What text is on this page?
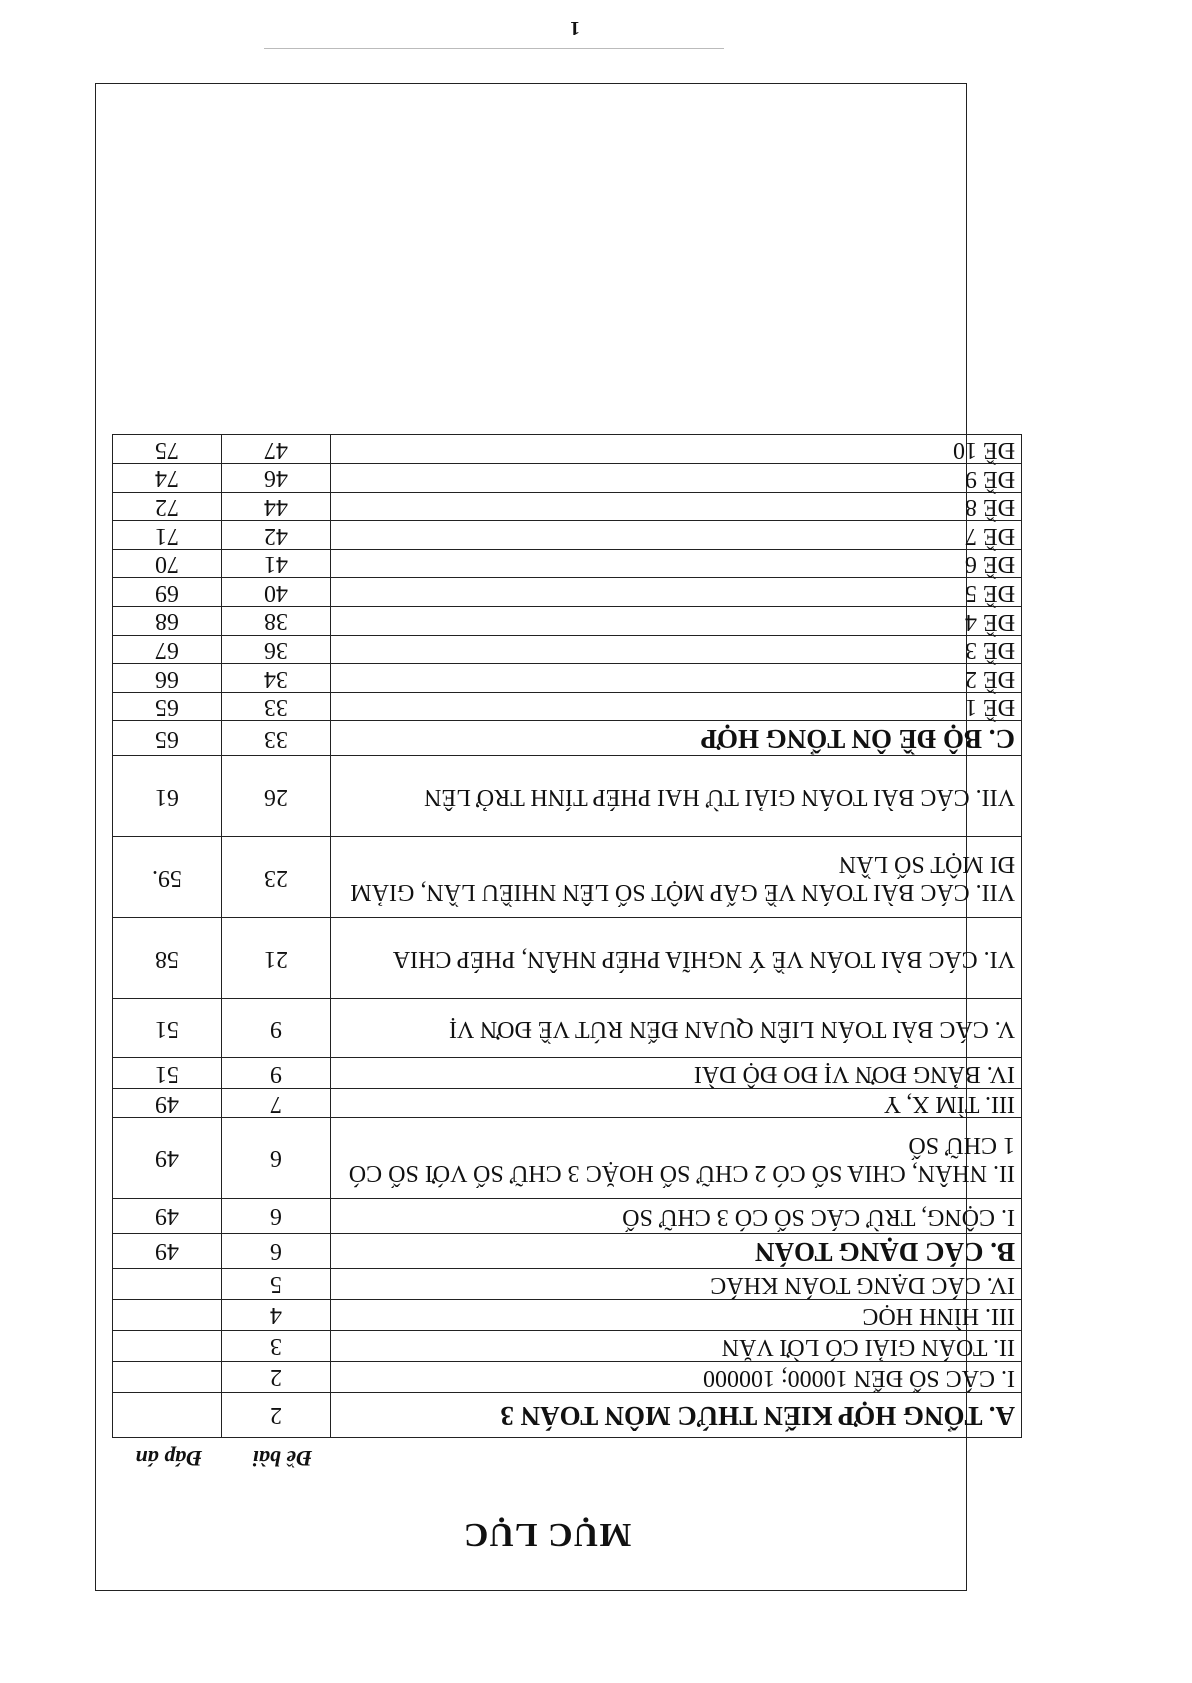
1
MỤC LỤC
Đề bài
Đáp án
A. TỔNG HỢP KIẾN THỨC MÔN TOÁN 3	2	
I. CÁC SỐ ĐẾN 10000; 100000	2	
II. TOÁN GIẢI CÓ LỜI VĂN	3	
III. HÌNH HỌC	4	
IV. CÁC DẠNG TOÁN KHÁC	5	
B. CÁC DẠNG TOÁN	6	49
I. CỘNG, TRỪ CÁC SỐ CÓ 3 CHỮ SỐ	6	49
II. NHÂN, CHIA SỐ CÓ 2 CHỮ SỐ HOẶC 3 CHỮ SỐ VỚI SỐ CÓ 1 CHỮ SỐ	6	49
III. TÌM X, Y	7	49
IV. BẢNG ĐƠN VỊ ĐO ĐỘ DÀI	9	51
V. CÁC BÀI TOÁN LIÊN QUAN ĐẾN RÚT VỀ ĐƠN VỊ	9	51
VI. CÁC BÀI TOÁN VỀ Ý NGHĨA PHÉP NHÂN, PHÉP CHIA	21	58
VII. CÁC BÀI TOÁN VỀ GẤP MỘT SỐ LÊN NHIỀU LẦN, GIẢM ĐI MỘT SỐ LẦN	23	59.
VII. CÁC BÀI TOÁN GIẢI TỪ HAI PHÉP TÍNH TRỞ LÊN	26	61
C. BỘ ĐỀ ÔN TỔNG HỢP	33	65
ĐỀ 1	33	65
ĐỀ 2	34	66
ĐỀ 3	36	67
ĐỀ 4	38	68
ĐỀ 5	40	69
ĐỀ 6	41	70
ĐỀ 7	42	71
ĐỀ 8	44	72
ĐỀ 9	46	74
ĐỀ 10	47	75
